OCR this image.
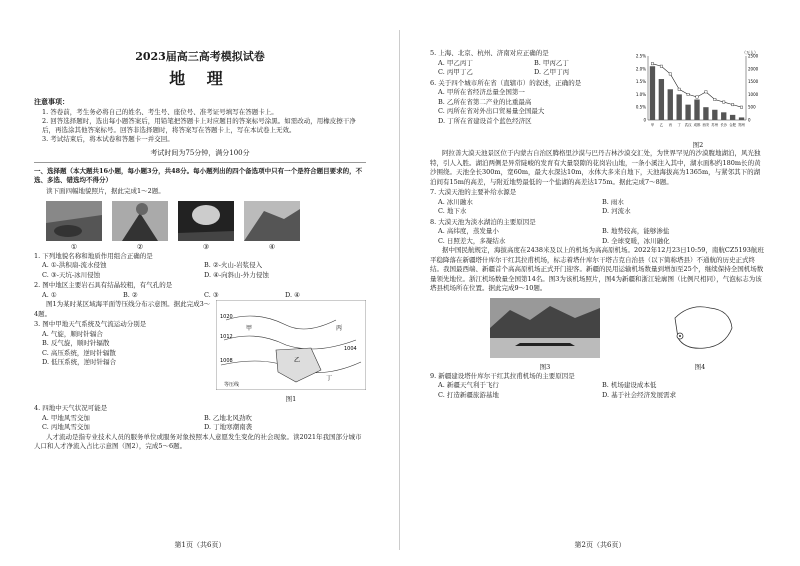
2023届高三高考模拟试卷

地 理

注意事项：

1. 答卷前，考生务必将自己的姓名、考生号、座位号、准考证号填写在答题卡上。

2. 回答选择题时，选出每小题答案后，用铅笔把答题卡上对应题目的答案标号涂黑。如需改动，用橡皮擦干净后，再选涂其他答案标号。回答非选择题时，将答案写在答题卡上，写在本试卷上无效。

3. 考试结束后，将本试卷和答题卡一并交回。

考试时间为75分钟，满分100分

一、选择题（本大题共16小题，每小题3分，共48分。每小题列出的四个备选项中只有一个是符合题目要求的，不选、多选、错选均不得分）

读下面四幅地貌照片，据此完成1～2题。

①	②	③	④

1. 下列地貌名称和地质作用组合正确的是

A. ①-洪积扇-流水侵蚀	B. ②-火山-岩浆侵入
C. ③-天坑-冰川侵蚀	D. ④-向斜山-外力侵蚀

2. 图中地区主要岩石具有结晶较粗，有气孔的是

A. ①	B. ②	C. ③	D. ④

图1为某时某区域海平面等压线分布示意图。据此完成3～4题。

3. 图中甲地天气系统及气流运动分别是

A. 气旋，顺时针辐合
B. 反气旋，顺时针辐散
C. 高压系统，逆时针辐散
D. 低压系统，逆时针辐合
甲
乙
丙
丁
1020
1012
1008
1004
等压线
图1

4. 四地中天气状况可能是

A. 甲地风雪交加	B. 乙地北风劲吹
C. 丙地风雪交加	D. 丁地寒潮南袭

人才流动是指专业技术人员的服务单位或服务对象按照本人意愿发生变化的社会现象。读2021年我国部分城市人口和人才净流入占比示意图（图2），完成5～6题。

第1页（共6页）

5. 上海、北京、杭州、济南对应正确的是

A. 甲乙丙丁	B. 甲丙乙丁
C. 丙甲丁乙	D. 乙甲丁丙

6. 关于四个城市所在省（直辖市）的叙述，正确的是

A. 甲所在省经济总量全国第一
B. 乙所在省第二产业的比重最高
C. 丙所在省对外出口贸易量全国最大
D. 丁所在省建设首个蓝色经济区	0
0.5%
1.0%
1.5%
2.0%
2.5%
0
500
1000
1500
2000
2500
甲 乙 丙 丁 武汉 成都 西安 苏州 长沙 合肥 郑州
（万人）
图2

阿拉善大漠天池景区位于内蒙古自治区腾格里沙漠与巴丹吉林沙漠交汇处，为世界罕见的沙漠腹地湖泊，风光独特，引人入胜。湖泊两侧是异常陡峻的发育有大量裂隙的花岗岩山地，一条小溪注入其中，湖水面积约180m长的黄沙围绕。天池全长300m，宽60m，最大水深达10m，水体大多来自地下，天池海拔高为1365m，与紧邻其下的湖泊间有15m的高差，与附近地势最低的一个盐湖的高差达175m。据此完成7～8题。

7. 大漠天池的主要补给水源是

A. 冰川融水	B. 雨水
C. 地下水	D. 河流水

8. 大漠天池为淡水湖泊的主要原因是

A. 高纬度，蒸发量小	B. 地势较高，能够渗盐
C. 日照差大，多凝结水	D. 全球变暖，冰川融化

据中国民航规定，海拔高度在2438米及以上的机场为高高原机场。2022年12月23日10:59，南航CZ5193航班平稳降落在新疆塔什库尔干红其拉甫机场，标志着塔什库尔干塔吉克自治县（以下简称塔县）不通航的历史正式终结。我国最西端、新疆首个高高原机场正式开门迎客。新疆的民用运输机场数量到增加至25个，继续保持全国机场数量领先地位。浙江机场数量全国第14名。图3为该机场照片，图4为新疆和浙江轮廓图（比例尺相同），气泡标志为该塔县机场所在位置。据此完成9～10题。

图3	图4

9. 新疆建设塔什库尔干红其拉甫机场的主要原因是

A. 新疆天气利于飞行	B. 机场建设成本低
C. 打造新疆旅游基地	D. 基于社会经济发展需求
第2页（共6页）
